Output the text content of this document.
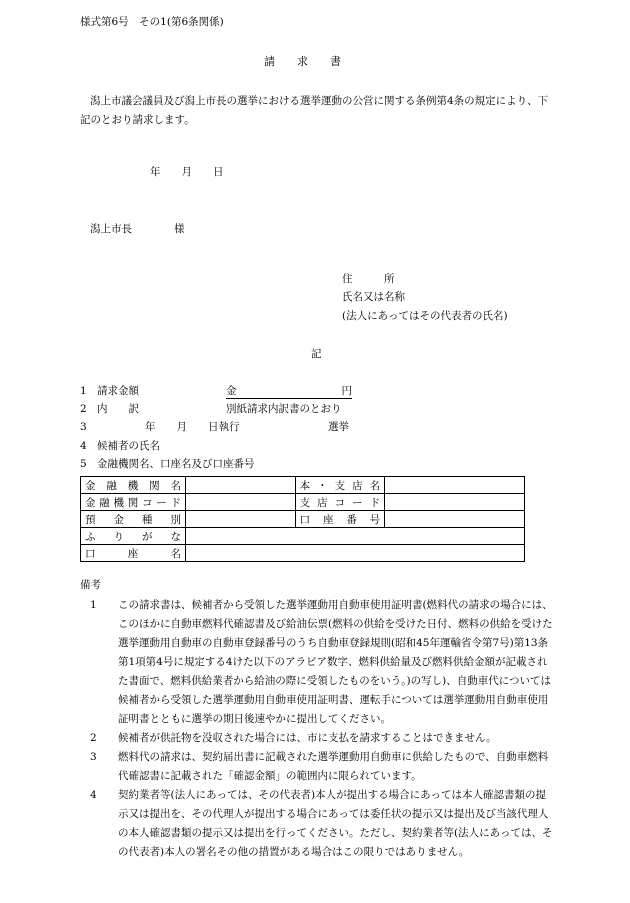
様式第6号　その1(第6条関係)
請　　求　　書
潟上市議会議員及び潟上市長の選挙における選挙運動の公営に関する条例第4条の規定により、下記のとおり請求します。
年　　月　　日
潟上市長　　　　様
住　　　所
氏名又は名称
(法人にあってはその代表者の氏名)
記
1 請求金額	金	円
2 内　　訳	別紙請求内訳書のとおり
3	年　　月　　日執行	選挙
4 候補者の氏名
5 金融機関名、口座名及び口座番号
金融機関名		本・支店名	
金融機関コード		支店コード	
預金種別		口座番号	
ふりがな			
口座名			
備考
1 この請求書は、候補者から受領した選挙運動用自動車使用証明書(燃料代の請求の場合には、このほかに自動車燃料代確認書及び給油伝票(燃料の供給を受けた日付、燃料の供給を受けた選挙運動用自動車の自動車登録番号のうち自動車登録規則(昭和45年運輸省令第7号)第13条第1項第4号に規定する4けた以下のアラビア数字、燃料供給量及び燃料供給金額が記載された書面で、燃料供給業者から給油の際に受領したものをいう。)の写し)、自動車代については候補者から受領した選挙運動用自動車使用証明書、運転手については選挙運動用自動車使用証明書とともに選挙の期日後速やかに提出してください。
2 候補者が供託物を没収された場合には、市に支払を請求することはできません。
3 燃料代の請求は、契約届出書に記載された選挙運動用自動車に供給したもので、自動車燃料代確認書に記載された「確認金額」の範囲内に限られています。
4 契約業者等(法人にあっては、その代表者)本人が提出する場合にあっては本人確認書類の提示又は提出を、その代理人が提出する場合にあっては委任状の提示又は提出及び当該代理人の本人確認書類の提示又は提出を行ってください。ただし、契約業者等(法人にあっては、その代表者)本人の署名その他の措置がある場合はこの限りではありません。
